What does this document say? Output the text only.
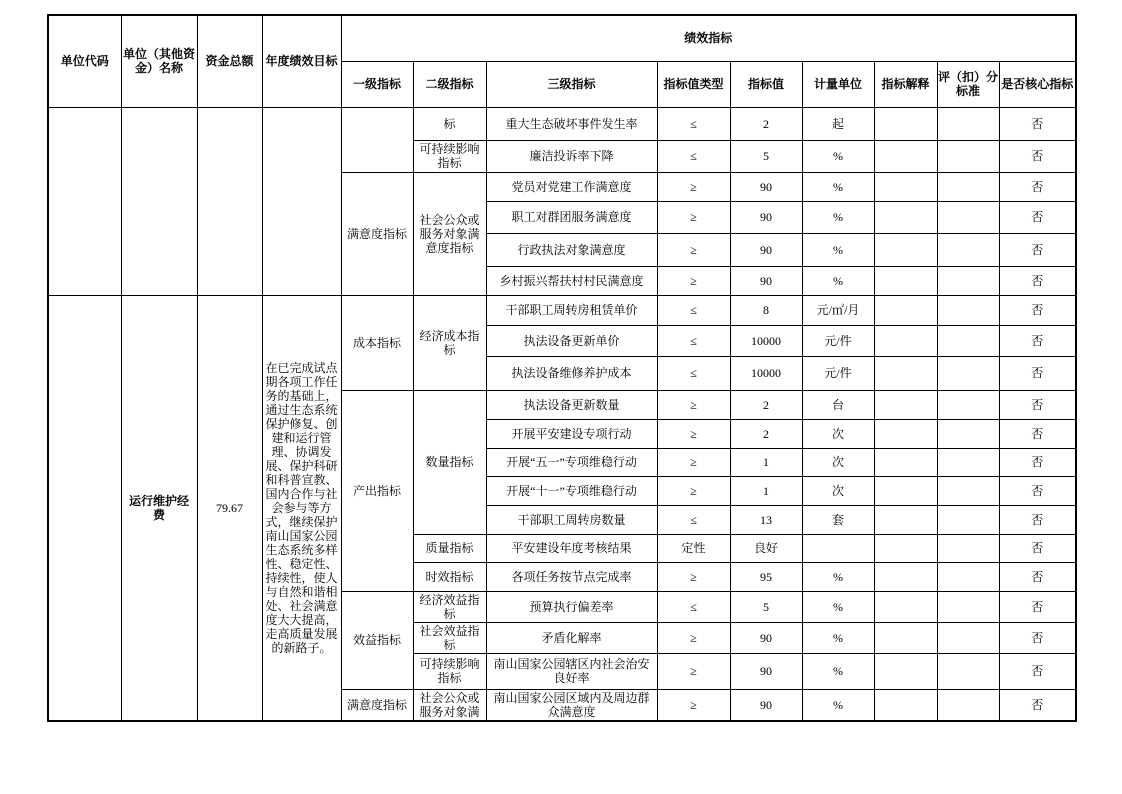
单位代码	单位（其他资金）名称	资金总额	年度绩效目标	绩效指标								
				一级指标	二级指标	三级指标	指标值类型	指标值	计量单位	指标解释	评（扣）分标准	是否核心指标
					标	重大生态破坏事件发生率	≤	2	起			否
					可持续影响指标	廉洁投诉率下降	≤	5	%			否
				满意度指标	社会公众或服务对象满意度指标	党员对党建工作满意度	≥	90	%			否
						职工对群团服务满意度	≥	90	%			否
						行政执法对象满意度	≥	90	%			否
						乡村振兴帮扶村村民满意度	≥	90	%			否
	运行维护经费	79.67	在已完成试点期各项工作任务的基础上，通过生态系统保护修复、创建和运行管理、协调发展、保护科研和科普宣教、国内合作与社会参与等方式，继续保护南山国家公园生态系统多样性、稳定性、持续性，使人与自然和谐相处、社会满意度大大提高，走高质量发展的新路子。	成本指标	经济成本指标	干部职工周转房租赁单价	≤	8	元/㎡/月			否
						执法设备更新单价	≤	10000	元/件			否
						执法设备维修养护成本	≤	10000	元/件			否
				产出指标	数量指标	执法设备更新数量	≥	2	台			否
						开展平安建设专项行动	≥	2	次			否
						开展“五一”专项维稳行动	≥	1	次			否
						开展“十一”专项维稳行动	≥	1	次			否
						干部职工周转房数量	≤	13	套			否
					质量指标	平安建设年度考核结果	定性	良好				否
					时效指标	各项任务按节点完成率	≥	95	%			否
				效益指标	经济效益指标	预算执行偏差率	≤	5	%			否
					社会效益指标	矛盾化解率	≥	90	%			否
					可持续影响指标	南山国家公园辖区内社会治安良好率	≥	90	%			否
				满意度指标	社会公众或服务对象满	南山国家公园区域内及周边群众满意度	≥	90	%			否
